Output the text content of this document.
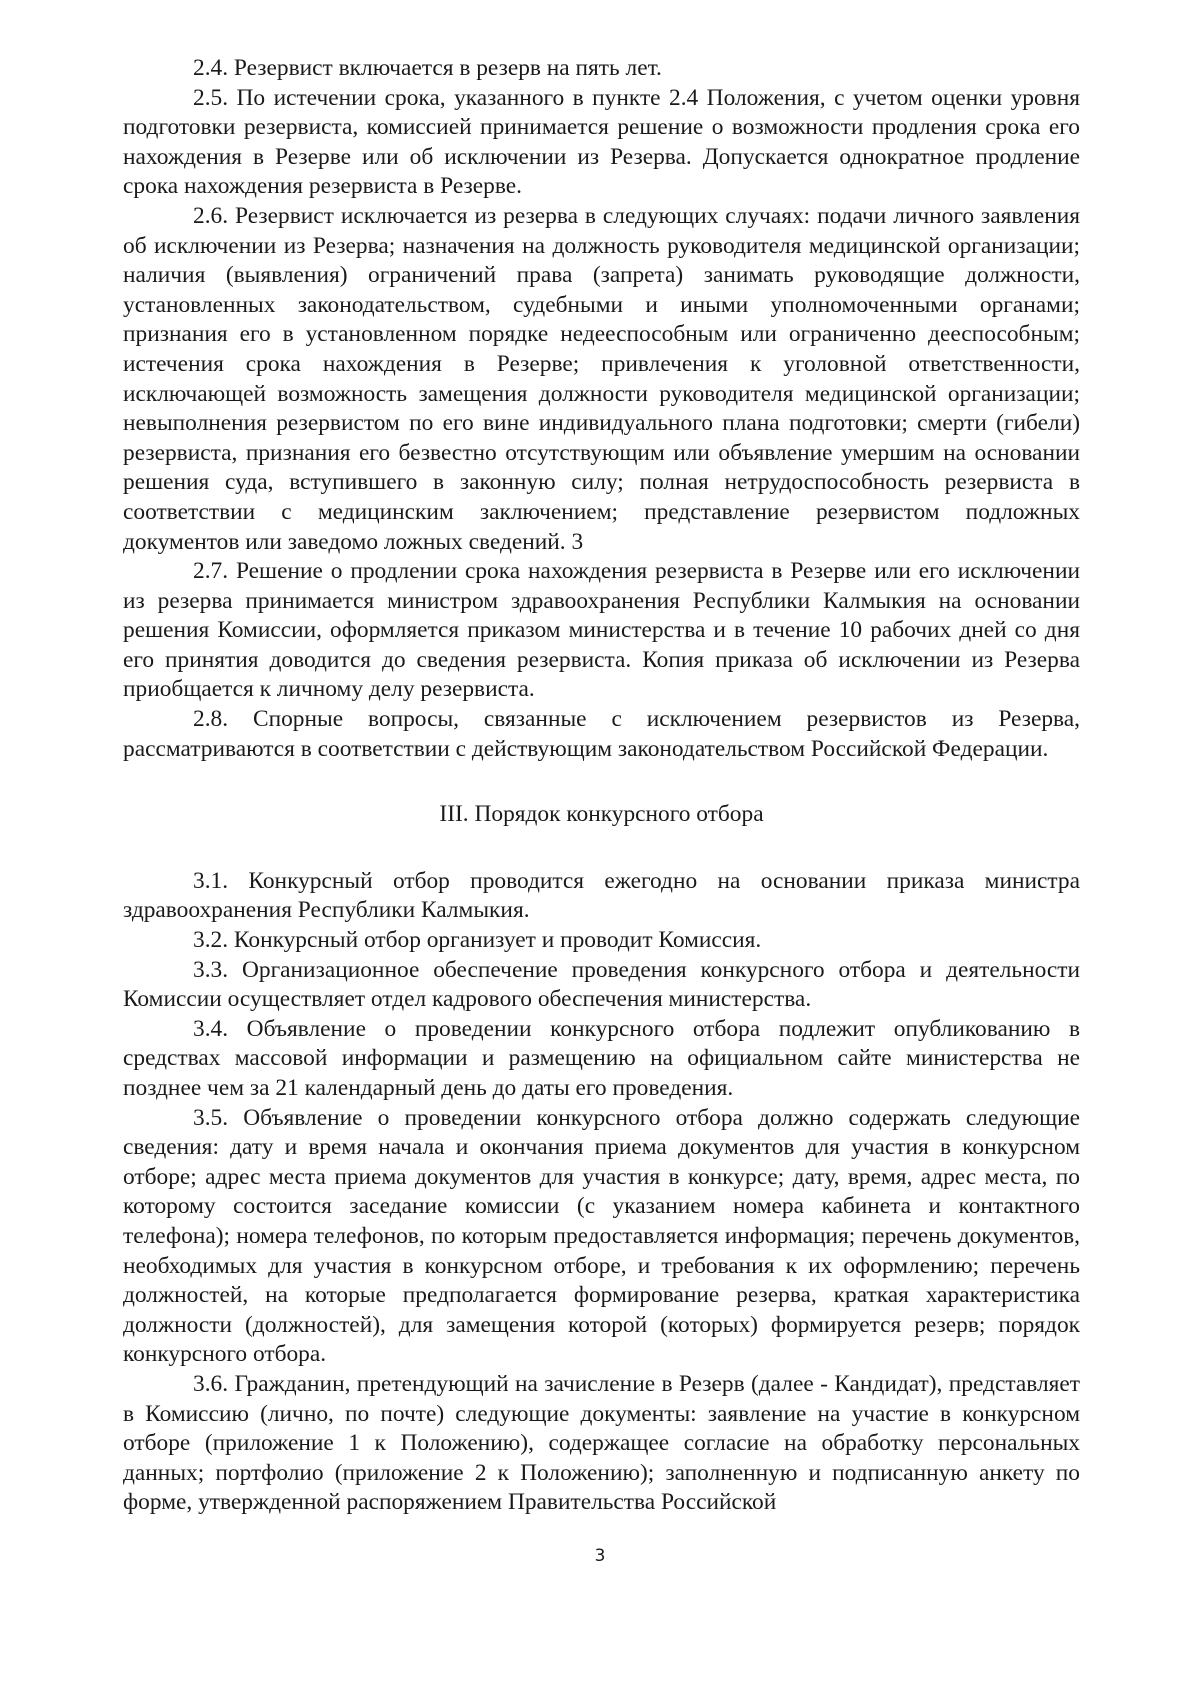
2.4. Резервист включается в резерв на пять лет.

2.5. По истечении срока, указанного в пункте 2.4 Положения, с учетом оценки уровня подготовки резервиста, комиссией принимается решение о возможности продления срока его нахождения в Резерве или об исключении из Резерва. Допускается однократное продление срока нахождения резервиста в Резерве.

2.6. Резервист исключается из резерва в следующих случаях: подачи личного заявления об исключении из Резерва; назначения на должность руководителя медицинской организации; наличия (выявления) ограничений права (запрета) занимать руководящие должности, установленных законодательством, судебными и иными уполномоченными органами; признания его в установленном порядке недееспособным или ограниченно дееспособным; истечения срока нахождения в Резерве; привлечения к уголовной ответственности, исключающей возможность замещения должности руководителя медицинской организации; невыполнения резервистом по его вине индивидуального плана подготовки; смерти (гибели) резервиста, признания его безвестно отсутствующим или объявление умершим на основании решения суда, вступившего в законную силу; полная нетрудоспособность резервиста в соответствии с медицинским заключением; представление резервистом подложных документов или заведомо ложных сведений. 3

2.7. Решение о продлении срока нахождения резервиста в Резерве или его исключении из резерва принимается министром здравоохранения Республики Калмыкия на основании решения Комиссии, оформляется приказом министерства и в течение 10 рабочих дней со дня его принятия доводится до сведения резервиста. Копия приказа об исключении из Резерва приобщается к личному делу резервиста.

2.8. Спорные вопросы, связанные с исключением резервистов из Резерва, рассматриваются в соответствии с действующим законодательством Российской Федерации.

III. Порядок конкурсного отбора

3.1. Конкурсный отбор проводится ежегодно на основании приказа министра здравоохранения Республики Калмыкия.

3.2. Конкурсный отбор организует и проводит Комиссия.

3.3. Организационное обеспечение проведения конкурсного отбора и деятельности Комиссии осуществляет отдел кадрового обеспечения министерства.

3.4. Объявление о проведении конкурсного отбора подлежит опубликованию в средствах массовой информации и размещению на официальном сайте министерства не позднее чем за 21 календарный день до даты его проведения.

3.5. Объявление о проведении конкурсного отбора должно содержать следующие сведения: дату и время начала и окончания приема документов для участия в конкурсном отборе; адрес места приема документов для участия в конкурсе; дату, время, адрес места, по которому состоится заседание комиссии (с указанием номера кабинета и контактного телефона); номера телефонов, по которым предоставляется информация; перечень документов, необходимых для участия в конкурсном отборе, и требования к их оформлению; перечень должностей, на которые предполагается формирование резерва, краткая характеристика должности (должностей), для замещения которой (которых) формируется резерв; порядок конкурсного отбора.

3.6. Гражданин, претендующий на зачисление в Резерв (далее - Кандидат), представляет в Комиссию (лично, по почте) следующие документы: заявление на участие в конкурсном отборе (приложение 1 к Положению), содержащее согласие на обработку персональных данных; портфолио (приложение 2 к Положению); заполненную и подписанную анкету по форме, утвержденной распоряжением Правительства Российской

3
